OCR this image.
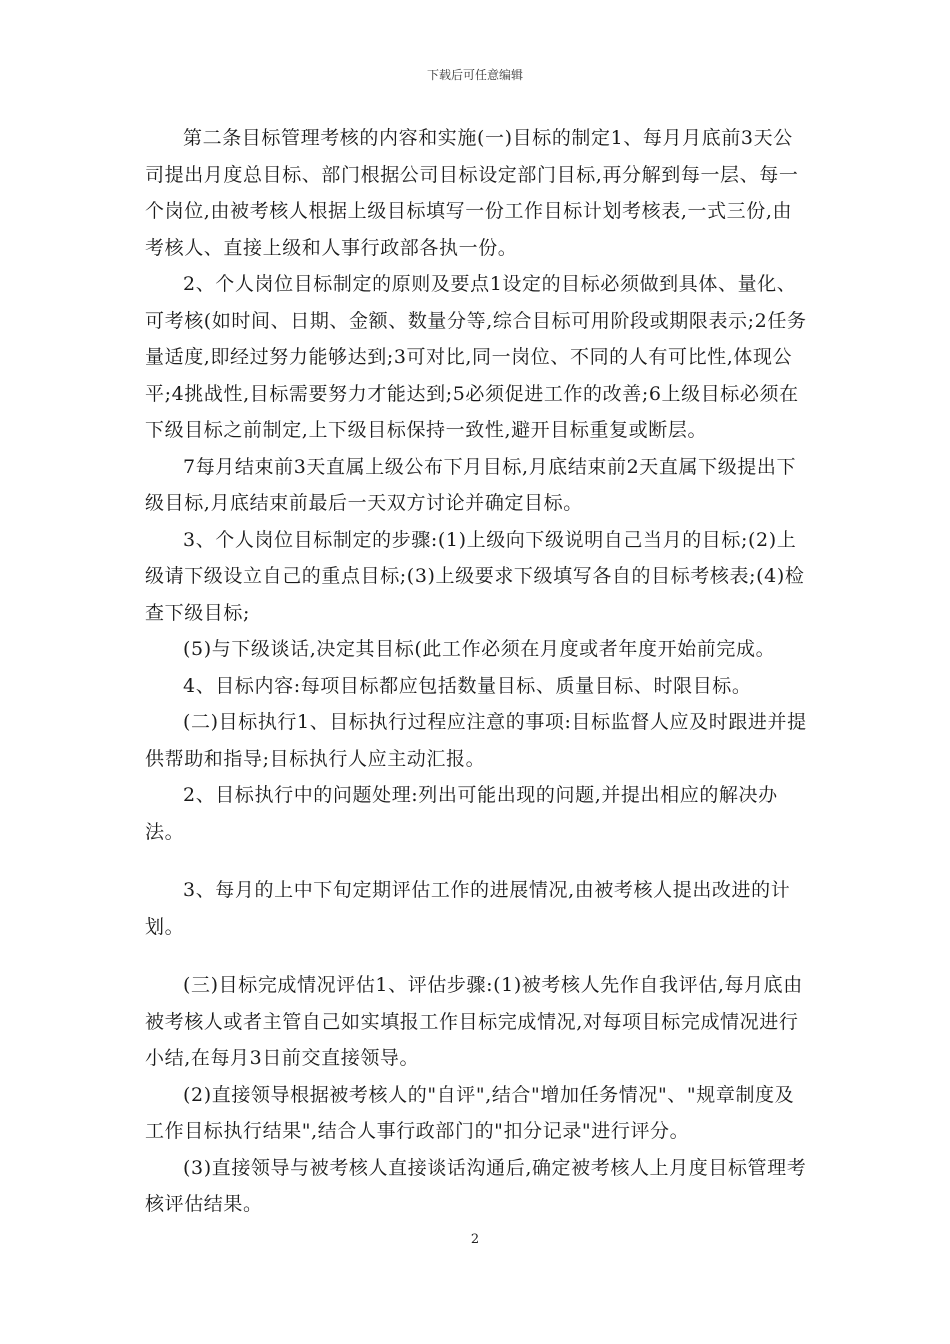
下载后可任意编辑

第二条目标管理考核的内容和实施(一)目标的制定1、每月月底前3天公司提出月度总目标、部门根据公司目标设定部门目标,再分解到每一层、每一个岗位,由被考核人根据上级目标填写一份工作目标计划考核表,一式三份,由考核人、直接上级和人事行政部各执一份。

2、个人岗位目标制定的原则及要点1设定的目标必须做到具体、量化、可考核(如时间、日期、金额、数量分等,综合目标可用阶段或期限表示;2任务量适度,即经过努力能够达到;3可对比,同一岗位、不同的人有可比性,体现公平;4挑战性,目标需要努力才能达到;5必须促进工作的改善;6上级目标必须在下级目标之前制定,上下级目标保持一致性,避开目标重复或断层。

7每月结束前3天直属上级公布下月目标,月底结束前2天直属下级提出下级目标,月底结束前最后一天双方讨论并确定目标。

3、个人岗位目标制定的步骤:(1)上级向下级说明自己当月的目标;(2)上级请下级设立自己的重点目标;(3)上级要求下级填写各自的目标考核表;(4)检查下级目标;

(5)与下级谈话,决定其目标(此工作必须在月度或者年度开始前完成。

4、目标内容:每项目标都应包括数量目标、质量目标、时限目标。

(二)目标执行1、目标执行过程应注意的事项:目标监督人应及时跟进并提供帮助和指导;目标执行人应主动汇报。

2、目标执行中的问题处理:列出可能出现的问题,并提出相应的解决办法。

3、每月的上中下旬定期评估工作的进展情况,由被考核人提出改进的计划。

(三)目标完成情况评估1、评估步骤:(1)被考核人先作自我评估,每月底由被考核人或者主管自己如实填报工作目标完成情况,对每项目标完成情况进行小结,在每月3日前交直接领导。

(2)直接领导根据被考核人的"自评",结合"增加任务情况"、"规章制度及工作目标执行结果",结合人事行政部门的"扣分记录"进行评分。

(3)直接领导与被考核人直接谈话沟通后,确定被考核人上月度目标管理考核评估结果。

2
